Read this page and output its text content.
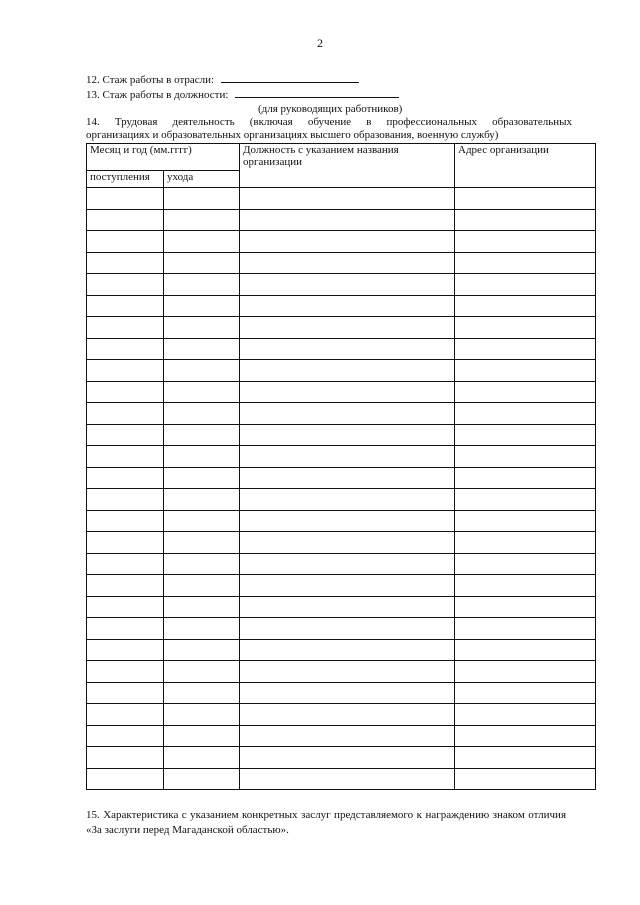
2
12. Стаж работы в отрасли:
13. Стаж работы в должности:
(для руководящих работников)
14. Трудовая деятельность (включая обучение в профессиональных образовательных
организациях и образовательных организациях высшего образования, военную службу)
Месяц и год (мм.гггг)		Должность с указанием названия организации	Адрес организации
поступления	ухода		

15. Характеристика с указанием конкретных заслуг представляемого к награждению знаком отличия «За заслуги перед Магаданской областью».
